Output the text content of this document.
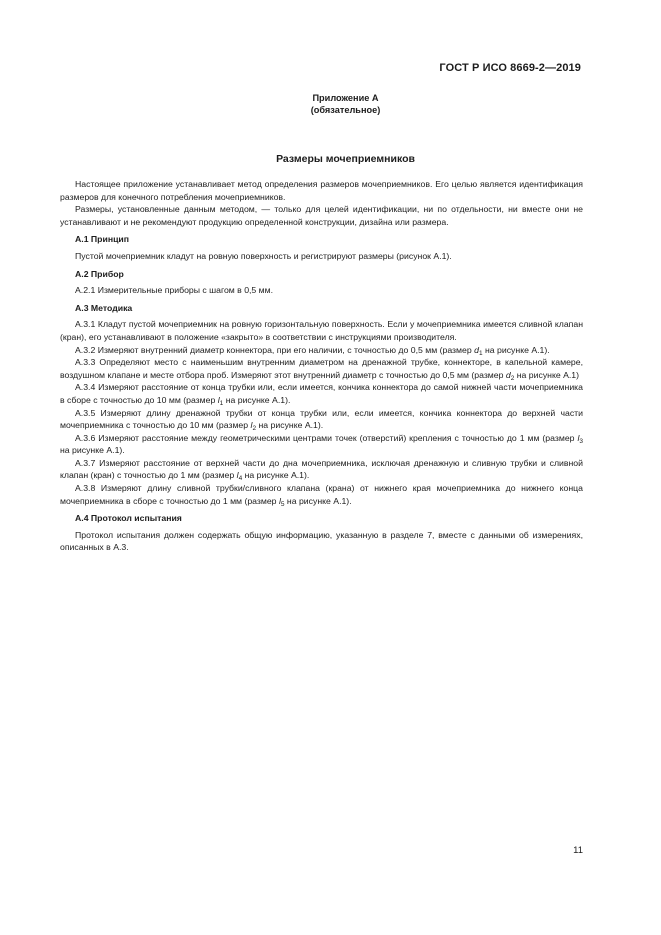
ГОСТ Р ИСО 8669-2—2019
Приложение А
(обязательное)
Размеры мочеприемников

Настоящее приложение устанавливает метод определения размеров мочеприемников. Его целью является идентификация размеров для конечного потребления мочеприемников.

Размеры, установленные данным методом, — только для целей идентификации, ни по отдельности, ни вместе они не устанавливают и не рекомендуют продукцию определенной конструкции, дизайна или размера.

А.1 Принцип

Пустой мочеприемник кладут на ровную поверхность и регистрируют размеры (рисунок А.1).

А.2 Прибор

А.2.1 Измерительные приборы с шагом в 0,5 мм.

А.3 Методика

А.3.1 Кладут пустой мочеприемник на ровную горизонтальную поверхность. Если у мочеприемника имеется сливной клапан (кран), его устанавливают в положение «закрыто» в соответствии с инструкциями производителя.

А.3.2 Измеряют внутренний диаметр коннектора, при его наличии, с точностью до 0,5 мм (размер $d_1$ на рисунке А.1).

А.3.3 Определяют место с наименьшим внутренним диаметром на дренажной трубке, коннекторе, в капельной камере, воздушном клапане и месте отбора проб. Измеряют этот внутренний диаметр с точностью до 0,5 мм (размер $d_2$ на рисунке А.1)

А.3.4 Измеряют расстояние от конца трубки или, если имеется, кончика коннектора до самой нижней части мочеприемника в сборе с точностью до 10 мм (размер $l_1$ на рисунке А.1).

А.3.5 Измеряют длину дренажной трубки от конца трубки или, если имеется, кончика коннектора до верхней части мочеприемника с точностью до 10 мм (размер $l_2$ на рисунке А.1).

А.3.6 Измеряют расстояние между геометрическими центрами точек (отверстий) крепления с точностью до 1 мм (размер $l_3$ на рисунке А.1).

А.3.7 Измеряют расстояние от верхней части до дна мочеприемника, исключая дренажную и сливную трубки и сливной клапан (кран) с точностью до 1 мм (размер $l_4$ на рисунке А.1).

А.3.8 Измеряют длину сливной трубки/сливного клапана (крана) от нижнего края мочеприемника до нижнего конца мочеприемника в сборе с точностью до 1 мм (размер $l_5$ на рисунке А.1).

А.4 Протокол испытания

Протокол испытания должен содержать общую информацию, указанную в разделе 7, вместе с данными об измерениях, описанных в А.3.

11
